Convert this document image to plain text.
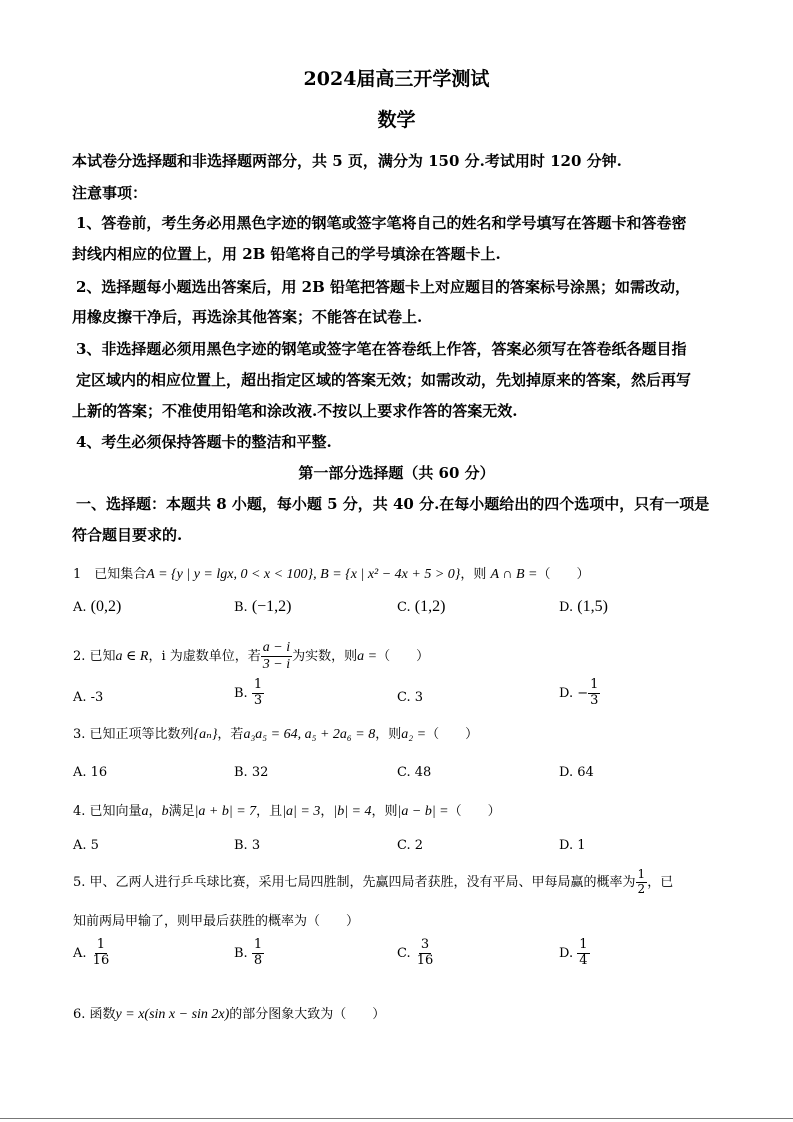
2024届高三开学测试
数学
本试卷分选择题和非选择题两部分，共 5 页，满分为 150 分.考试用时 120 分钟.
注意事项：
1、答卷前，考生务必用黑色字迹的钢笔或签字笔将自己的姓名和学号填写在答题卡和答卷密
封线内相应的位置上，用 2B 铅笔将自己的学号填涂在答题卡上.
2、选择题每小题选出答案后，用 2B 铅笔把答题卡上对应题目的答案标号涂黑；如需改动，
用橡皮擦干净后，再选涂其他答案；不能答在试卷上.
3、非选择题必须用黑色字迹的钢笔或签字笔在答卷纸上作答，答案必须写在答卷纸各题目指
定区域内的相应位置上，超出指定区域的答案无效；如需改动，先划掉原来的答案，然后再写
上新的答案；不准使用铅笔和涂改液.不按以上要求作答的答案无效.
4、考生必须保持答题卡的整洁和平整.
第一部分选择题（共 60 分）
一、选择题：本题共 8 小题，每小题 5 分，共 40 分.在每小题给出的四个选项中，只有一项是
符合题目要求的.
1　已知集合A = {y | y = lgx, 0 < x < 100}, B = {x | x² − 4x + 5 > 0}，则 A ∩ B =（　　）
A. (0,2)	B. (−1,2)	C. (1,2)	D. (1,5)
2. 已知a ∈ R，i 为虚数单位，若 $\frac{a - i}{3 - i}$ 为实数，则a =（　　）
A. -3	B. $\frac{1}{3}$	C. 3	D. − $\frac{1}{3}$
3. 已知正项等比数列{aₙ}，若a₃a₅ = 64, a₅ + 2a₆ = 8，则a₂ =（　　）
A. 16	B. 32	C. 48	D. 64
4. 已知向量a，b满足|a + b| = 7，且|a| = 3，|b| = 4，则|a − b| =（　　）
A. 5	B. 3	C. 2	D. 1
5. 甲、乙两人进行乒乓球比赛，采用七局四胜制，先赢四局者获胜，没有平局、甲每局赢的概率为 $\frac{1}{2}$ ，已
知前两局甲输了，则甲最后获胜的概率为（　　）
A. $\frac{1}{16}$	B. $\frac{1}{8}$	C. $\frac{3}{16}$	D. $\frac{1}{4}$
6. 函数y = x(sin x − sin 2x)的部分图象大致为（　　）
